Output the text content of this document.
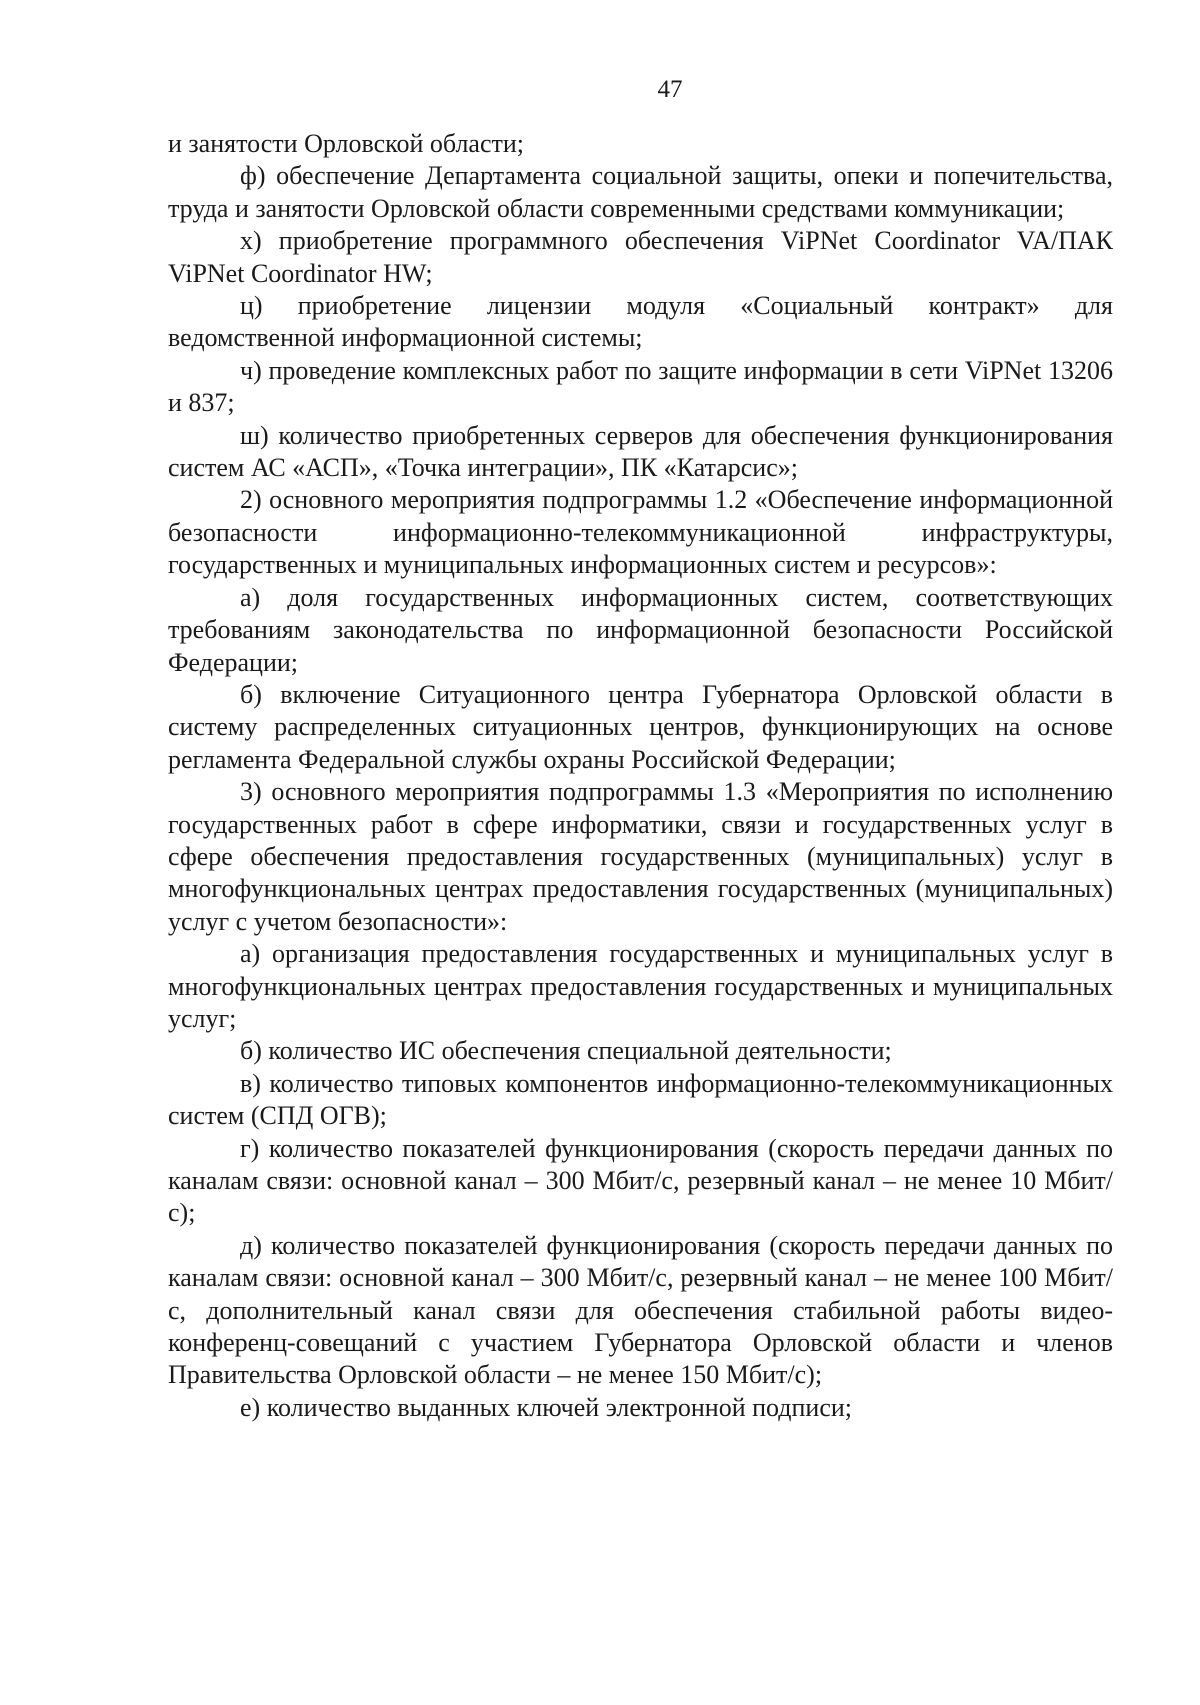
47

и занятости Орловской области;

ф) обеспечение Департамента социальной защиты, опеки и попечительства, труда и занятости Орловской области современными средствами коммуникации;

х) приобретение программного обеспечения ViPNet Coordinator VA/ПАК ViPNet Coordinator HW;

ц) приобретение лицензии модуля «Социальный контракт» для ведомственной информационной системы;

ч) проведение комплексных работ по защите информации в сети ViPNet 13206 и 837;

ш) количество приобретенных серверов для обеспечения функционирования систем АС «АСП», «Точка интеграции», ПК «Катарсис»;

2) основного мероприятия подпрограммы 1.2 «Обеспечение информационной безопасности информационно-телекоммуникационной инфраструктуры, государственных и муниципальных информационных систем и ресурсов»:

а) доля государственных информационных систем, соответствующих требованиям законодательства по информационной безопасности Российской Федерации;

б) включение Ситуационного центра Губернатора Орловской области в систему распределенных ситуационных центров, функционирующих на основе регламента Федеральной службы охраны Российской Федерации;

3) основного мероприятия подпрограммы 1.3 «Мероприятия по исполнению государственных работ в сфере информатики, связи и государственных услуг в сфере обеспечения предоставления государственных (муниципальных) услуг в многофункциональных центрах предоставления государственных (муниципальных) услуг с учетом безопасности»:

а) организация предоставления государственных и муниципальных услуг в многофункциональных центрах предоставления государственных и муниципальных услуг;

б) количество ИС обеспечения специальной деятельности;

в) количество типовых компонентов информационно-телекоммуникационных систем (СПД ОГВ);

г) количество показателей функционирования (скорость передачи данных по каналам связи: основной канал – 300 Мбит/с, резервный канал – не менее 10 Мбит/с);

д) количество показателей функционирования (скорость передачи данных по каналам связи: основной канал – 300 Мбит/с, резервный канал – не менее 100 Мбит/с, дополнительный канал связи для обеспечения стабильной работы видео-конференц-совещаний с участием Губернатора Орловской области и членов Правительства Орловской области – не менее 150 Мбит/с);

е) количество выданных ключей электронной подписи;
